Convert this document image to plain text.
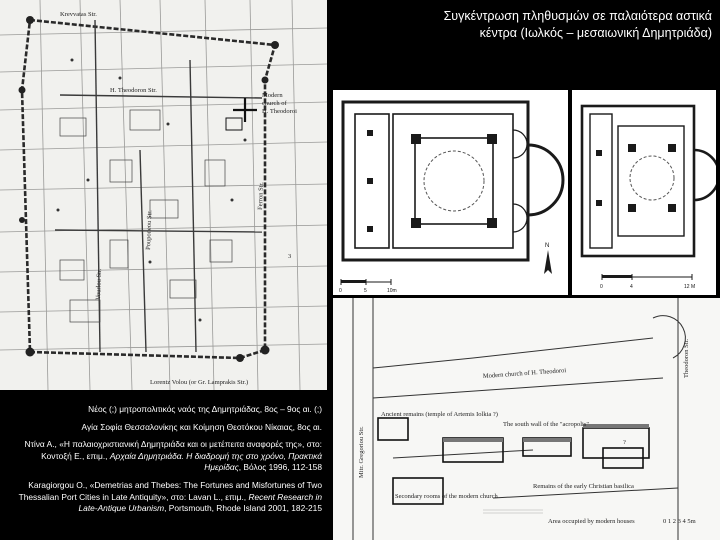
Συγκέντρωση πληθυσμών σε παλαιότερα αστικά
κέντρα (Ιωλκός – μεσαιωνική Δημητριάδα)
Krevvatas Str.
Modern
church of
H. Theodoroi
H. Theodoron Str.
3
Lorentz Volou (or Gr. Lamprakis Str.)
Vourlou Str.
Pouponeou Str.
Ferron Str.
0	5	10m
N
0	4	12 M
Modern church of H. Theodoroi
Ancient remains (temple of Artemis Iolkia ?)
The south wall of the "acropolis"
Mitr. Gregoriou Str.
Theodoron Str.
Remains of the early Christian basilica
Secondary rooms of the modern church
Area occupied by modern houses	0 1 2 3 4 5m
?
Νέος (;) μητροπολιτικός ναός της Δημητριάδας, 8ος – 9ος αι. (;)
Αγία Σοφία Θεσσαλονίκης και Κοίμηση Θεοτόκου Νίκαιας, 8ος αι.
Ντίνα Α., «Η παλαιοχριστιανική Δημητριάδα και οι μετέπειτα αναφορές της», στο: Κοντοξή Ε., επιμ., Αρχαία Δημητριάδα. Η διαδρομή της στο χρόνο, Πρακτικά Ημερίδας, Βόλος 1996, 112-158
Karagiorgou O., «Demetrias and Thebes: The Fortunes and Misfortunes of Two Thessalian Port Cities in Late Antiquity», στο: Lavan L., επιμ., Recent Research in Late-Antique Urbanism, Portsmouth, Rhode Island 2001, 182-215
